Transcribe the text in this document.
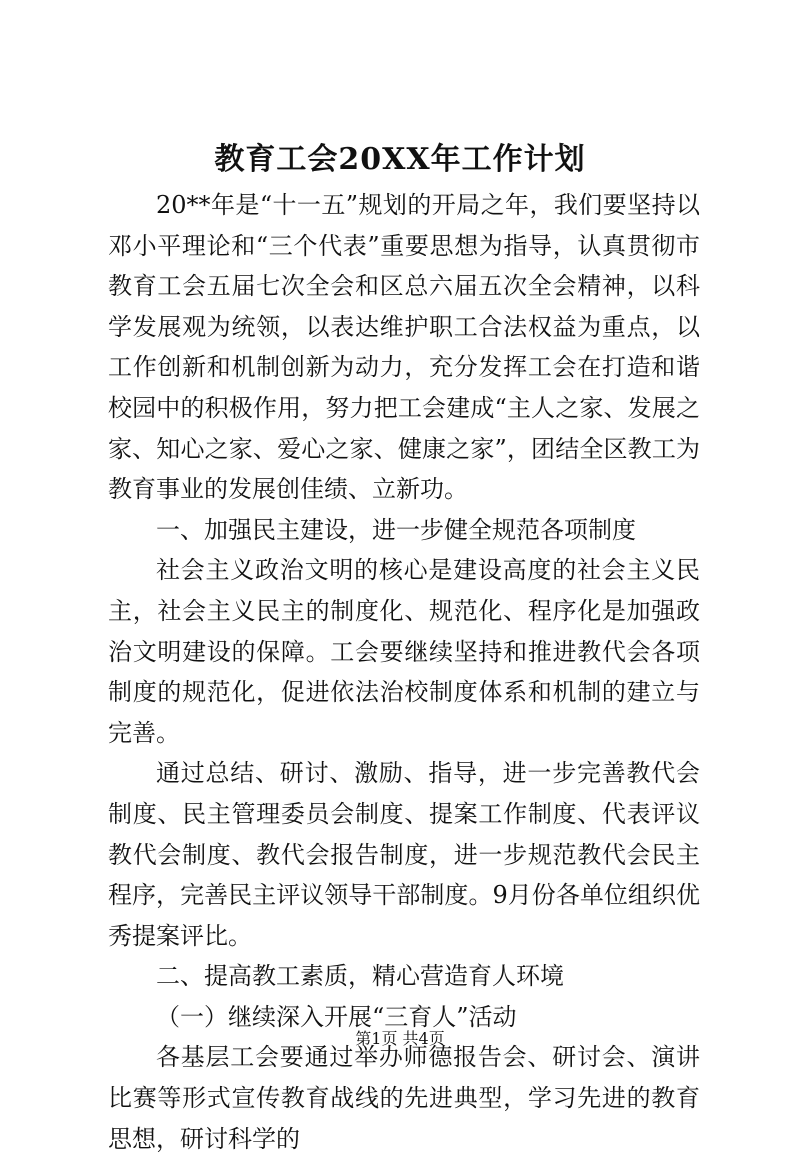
教育工会20XX年工作计划

20**年是“十一五”规划的开局之年，我们要坚持以邓小平理论和“三个代表”重要思想为指导，认真贯彻市教育工会五届七次全会和区总六届五次全会精神，以科学发展观为统领，以表达维护职工合法权益为重点，以工作创新和机制创新为动力，充分发挥工会在打造和谐校园中的积极作用，努力把工会建成“主人之家、发展之家、知心之家、爱心之家、健康之家”，团结全区教工为教育事业的发展创佳绩、立新功。

一、加强民主建设，进一步健全规范各项制度

社会主义政治文明的核心是建设高度的社会主义民主，社会主义民主的制度化、规范化、程序化是加强政治文明建设的保障。工会要继续坚持和推进教代会各项制度的规范化，促进依法治校制度体系和机制的建立与完善。

通过总结、研讨、激励、指导，进一步完善教代会制度、民主管理委员会制度、提案工作制度、代表评议教代会制度、教代会报告制度，进一步规范教代会民主程序，完善民主评议领导干部制度。9月份各单位组织优秀提案评比。

二、提高教工素质，精心营造育人环境

（一）继续深入开展“三育人”活动

各基层工会要通过举办师德报告会、研讨会、演讲比赛等形式宣传教育战线的先进典型，学习先进的教育思想，研讨科学的

第1页 共4页
